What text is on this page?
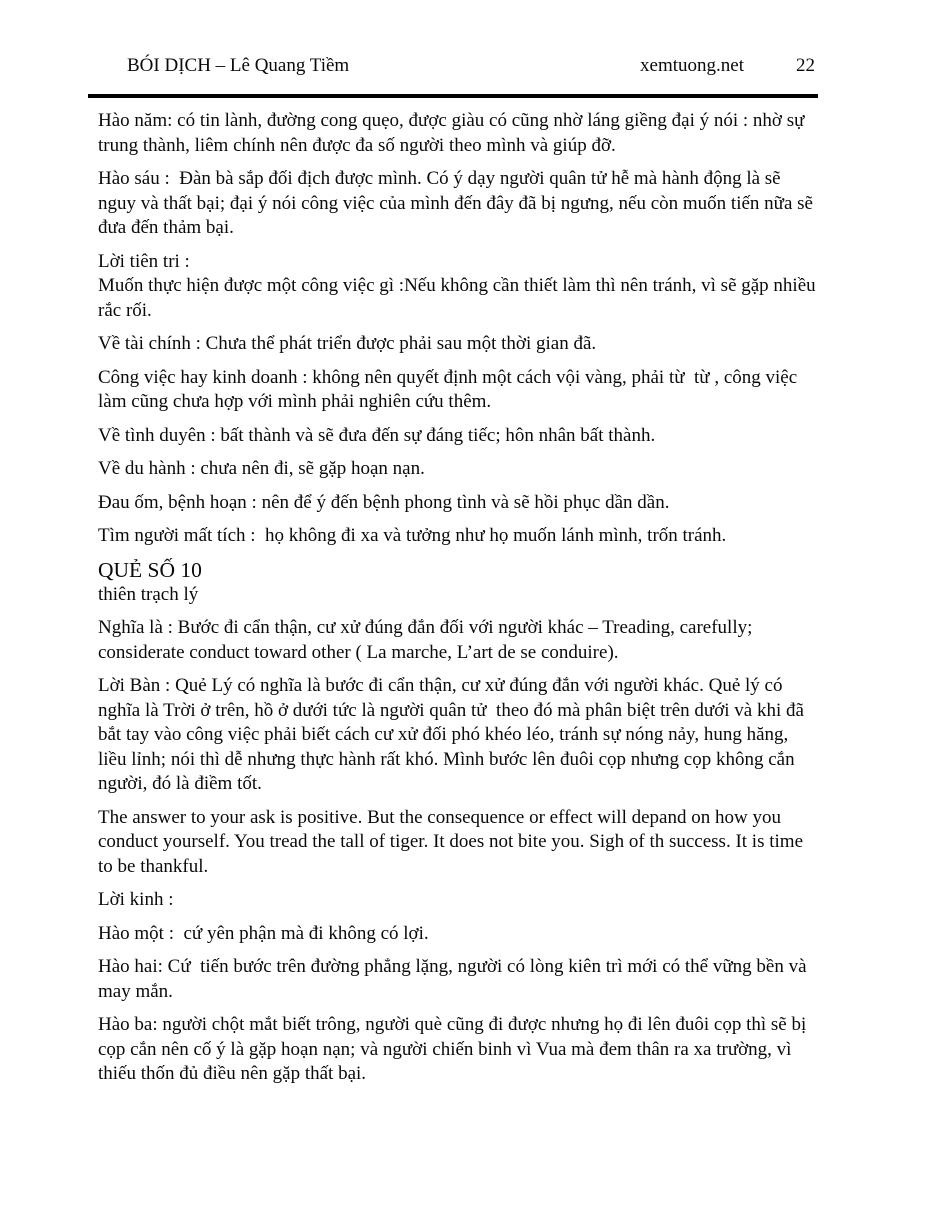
BÓI DỊCH – Lê Quang Tiềm	xemtuong.net	22

Hào năm: có tin lành, đường cong quẹo, được giàu có cũng nhờ láng giềng đại ý nói : nhờ sự trung thành, liêm chính nên được đa số người theo mình và giúp đỡ.

Hào sáu :  Đàn bà sắp đối địch được mình. Có ý dạy người quân tử hễ mà hành động là sẽ nguy và thất bại; đại ý nói công việc của mình đến đây đã bị ngưng, nếu còn muốn tiến nữa sẽ đưa đến thảm bại.

Lời tiên tri :

Muốn thực hiện được một công việc gì :Nếu không cần thiết làm thì nên tránh, vì sẽ gặp nhiều rắc rối.

Về tài chính : Chưa thể phát triển được phải sau một thời gian đã.

Công việc hay kinh doanh : không nên quyết định một cách vội vàng, phải từ  từ , công việc làm cũng chưa hợp với mình phải nghiên cứu thêm.

Về tình duyên : bất thành và sẽ đưa đến sự đáng tiếc; hôn nhân bất thành.

Về du hành : chưa nên đi, sẽ gặp hoạn nạn.

Đau ốm, bệnh hoạn : nên để ý đến bệnh phong tình và sẽ hồi phục dần dần.

Tìm người mất tích :  họ không đi xa và tưởng như họ muốn lánh mình, trốn tránh.

QUẺ SỐ 10

thiên trạch lý

Nghĩa là : Bước đi cẩn thận, cư xử đúng đắn đối với người khác – Treading, carefully; considerate conduct toward other ( La marche, L’art de se conduire).

Lời Bàn : Quẻ Lý có nghĩa là bước đi cẩn thận, cư xử đúng đắn với người khác. Quẻ lý có nghĩa là Trời ở trên, hồ ở dưới tức là người quân tử  theo đó mà phân biệt trên dưới và khi đã bắt tay vào công việc phải biết cách cư xử đối phó khéo léo, tránh sự nóng nảy, hung hăng, liều lỉnh; nói thì dễ nhưng thực hành rất khó. Mình bước lên đuôi cọp nhưng cọp không cắn người, đó là điềm tốt.

The answer to your ask is positive. But the consequence or effect will depand on how you conduct yourself. You tread the tall of tiger. It does not bite you. Sigh of th success. It is time to be thankful.

Lời kinh :

Hào một :  cứ yên phận mà đi không có lợi.

Hào hai: Cứ  tiến bước trên đường phẳng lặng, người có lòng kiên trì mới có thể vững bền và may mắn.

Hào ba: người chột mắt biết trông, người què cũng đi được nhưng họ đi lên đuôi cọp thì sẽ bị cọp cắn nên cố ý là gặp hoạn nạn; và người chiến binh vì Vua mà đem thân ra xa trường, vì thiếu thốn đủ điều nên gặp thất bại.
